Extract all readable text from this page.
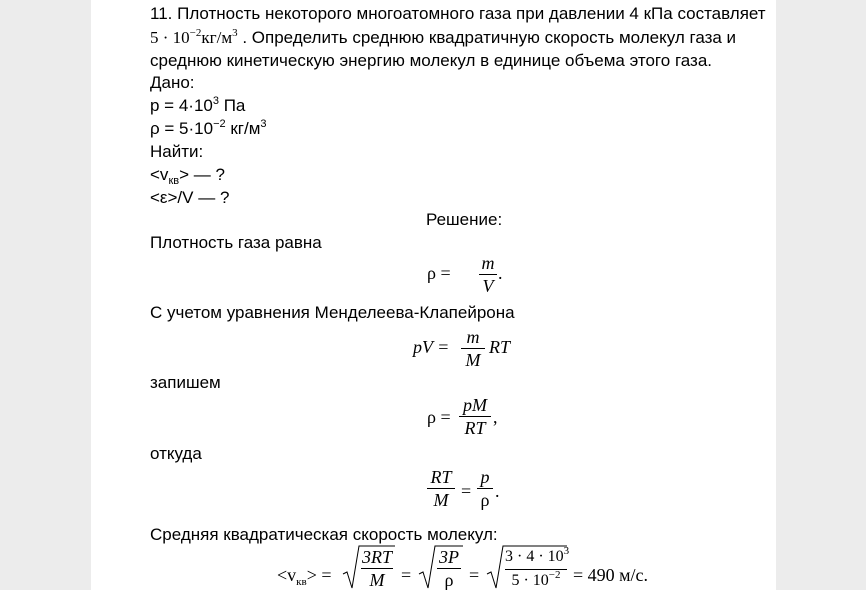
11. Плотность некоторого многоатомного газа при давлении 4 кПа составляет
$5 \cdot 10^{-2}кг/м^3$ . Определить среднюю квадратичную скорость молекул газа и
среднюю кинетическую энергию молекул в единице объема этого газа.
Дано:
$p = 4\cdot 10^3$ Па
$\rho = 5\cdot 10^{-2}$ $кг/м^3$
Найти:
$<v_{кв}>$ — ?
<ε>/V — ?
Решение:
Плотность газа равна
ρ = m
V
.
С учетом уравнения Менделеева-Клапейрона
pV = m
M
RT
запишем
ρ =
pM
RT
,
откуда
RT
M =
p
ρ .
Средняя квадратическая скорость молекул:
$<v_{кв}>$ =
3RT
M =
3P
ρ =
$3 \cdot 4 \cdot 10^3$
$5 \cdot 10^{-2} = 490$ м/с.
